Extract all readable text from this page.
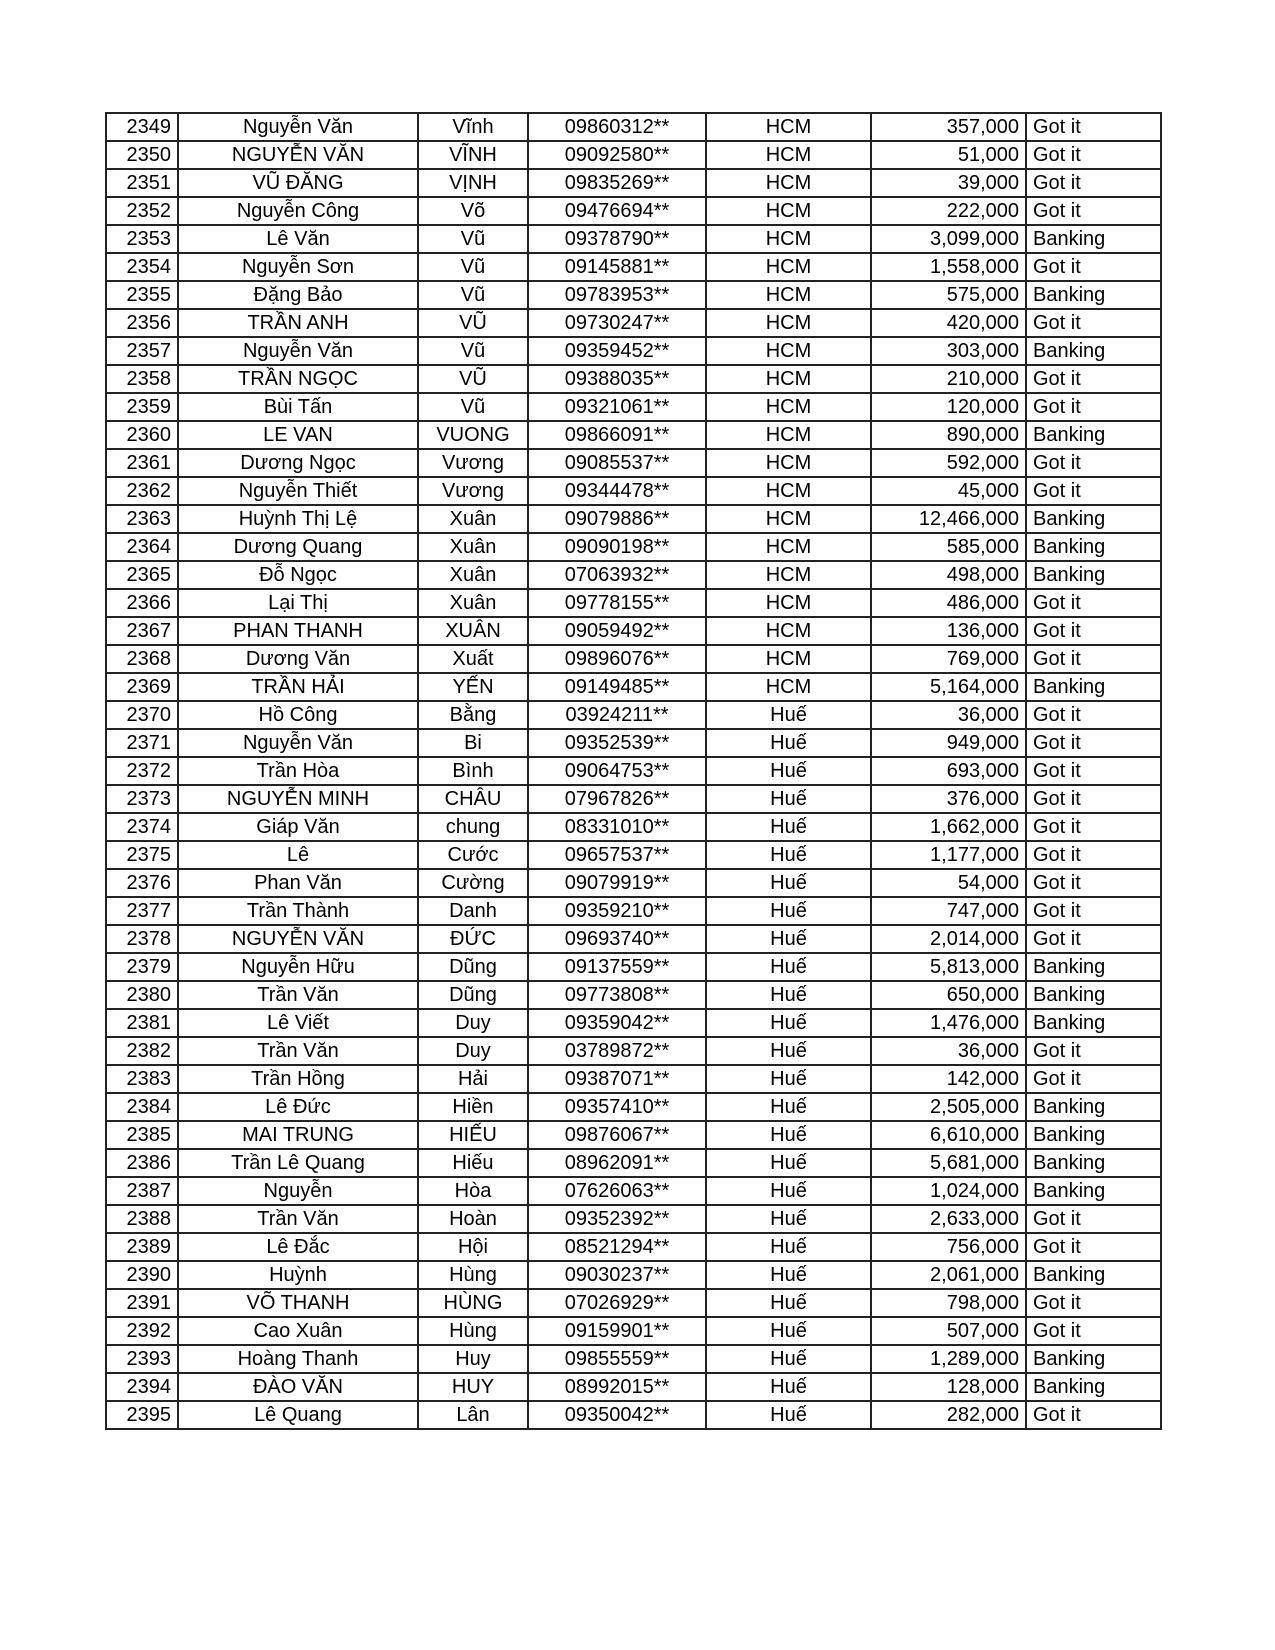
2349	Nguyễn Văn	Vĩnh	09860312**	HCM	357,000	Got it
2350	NGUYỄN VĂN	VĨNH	09092580**	HCM	51,000	Got it
2351	VŨ ĐĂNG	VỊNH	09835269**	HCM	39,000	Got it
2352	Nguyễn Công	Võ	09476694**	HCM	222,000	Got it
2353	Lê Văn	Vũ	09378790**	HCM	3,099,000	Banking
2354	Nguyễn Sơn	Vũ	09145881**	HCM	1,558,000	Got it
2355	Đặng Bảo	Vũ	09783953**	HCM	575,000	Banking
2356	TRẦN ANH	VŨ	09730247**	HCM	420,000	Got it
2357	Nguyễn Văn	Vũ	09359452**	HCM	303,000	Banking
2358	TRẦN NGỌC	VŨ	09388035**	HCM	210,000	Got it
2359	Bùi Tấn	Vũ	09321061**	HCM	120,000	Got it
2360	LE VAN	VUONG	09866091**	HCM	890,000	Banking
2361	Dương Ngọc	Vương	09085537**	HCM	592,000	Got it
2362	Nguyễn Thiết	Vương	09344478**	HCM	45,000	Got it
2363	Huỳnh Thị Lệ	Xuân	09079886**	HCM	12,466,000	Banking
2364	Dương Quang	Xuân	09090198**	HCM	585,000	Banking
2365	Đỗ Ngọc	Xuân	07063932**	HCM	498,000	Banking
2366	Lại Thị	Xuân	09778155**	HCM	486,000	Got it
2367	PHAN THANH	XUÂN	09059492**	HCM	136,000	Got it
2368	Dương Văn	Xuất	09896076**	HCM	769,000	Got it
2369	TRẦN HẢI	YẾN	09149485**	HCM	5,164,000	Banking
2370	Hồ Công	Bằng	03924211**	Huế	36,000	Got it
2371	Nguyễn Văn	Bi	09352539**	Huế	949,000	Got it
2372	Trần Hòa	Bình	09064753**	Huế	693,000	Got it
2373	NGUYỄN MINH	CHÂU	07967826**	Huế	376,000	Got it
2374	Giáp Văn	chung	08331010**	Huế	1,662,000	Got it
2375	Lê	Cước	09657537**	Huế	1,177,000	Got it
2376	Phan Văn	Cường	09079919**	Huế	54,000	Got it
2377	Trần Thành	Danh	09359210**	Huế	747,000	Got it
2378	NGUYỄN VĂN	ĐỨC	09693740**	Huế	2,014,000	Got it
2379	Nguyễn Hữu	Dũng	09137559**	Huế	5,813,000	Banking
2380	Trần Văn	Dũng	09773808**	Huế	650,000	Banking
2381	Lê Viết	Duy	09359042**	Huế	1,476,000	Banking
2382	Trần Văn	Duy	03789872**	Huế	36,000	Got it
2383	Trần Hồng	Hải	09387071**	Huế	142,000	Got it
2384	Lê Đức	Hiền	09357410**	Huế	2,505,000	Banking
2385	MAI TRUNG	HIẾU	09876067**	Huế	6,610,000	Banking
2386	Trần Lê Quang	Hiếu	08962091**	Huế	5,681,000	Banking
2387	Nguyễn	Hòa	07626063**	Huế	1,024,000	Banking
2388	Trần Văn	Hoàn	09352392**	Huế	2,633,000	Got it
2389	Lê Đắc	Hội	08521294**	Huế	756,000	Got it
2390	Huỳnh	Hùng	09030237**	Huế	2,061,000	Banking
2391	VÕ THANH	HÙNG	07026929**	Huế	798,000	Got it
2392	Cao Xuân	Hùng	09159901**	Huế	507,000	Got it
2393	Hoàng Thanh	Huy	09855559**	Huế	1,289,000	Banking
2394	ĐÀO VĂN	HUY	08992015**	Huế	128,000	Banking
2395	Lê Quang	Lân	09350042**	Huế	282,000	Got it
